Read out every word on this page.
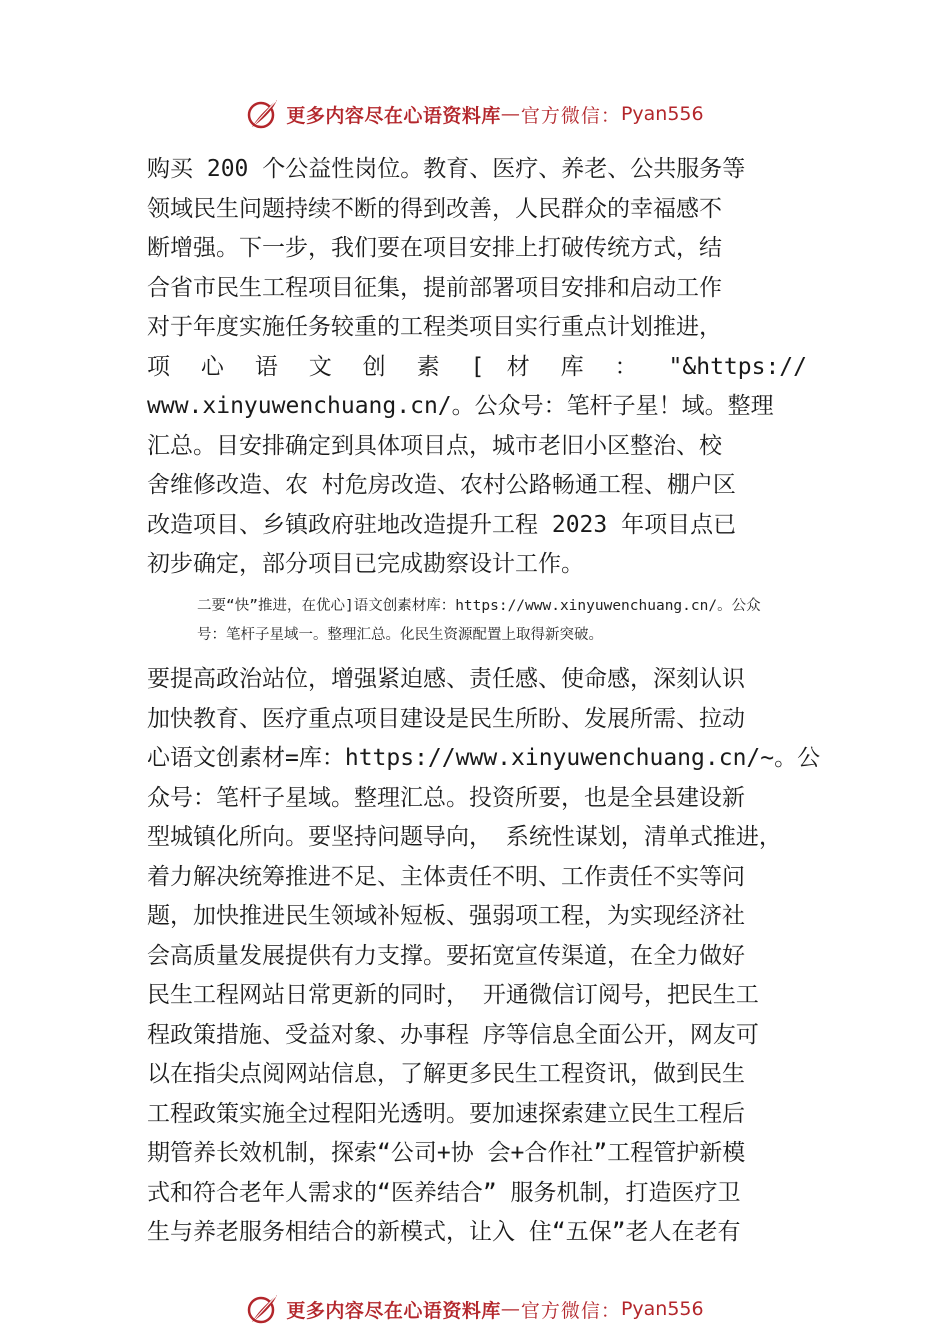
更多内容尽在心语资料库 — 官方微信： Pyan556
购买 200 个公益性岗位。教育、医疗、养老、公共服务等
领域民生问题持续不断的得到改善，人民群众的幸福感不
断增强。下一步，我们要在项目安排上打破传统方式，结
合省市民生工程项目征集，提前部署项目安排和启动工作
对于年度实施任务较重的工程类项目实行重点计划推进，
项 心 语 文 创 素 [ 材 库 ： "&https://
www.xinyuwenchuang.cn/。公众号：笔杆子星！域。整理
汇总。目安排确定到具体项目点，城市老旧小区整治、校
舍维修改造、农 村危房改造、农村公路畅通工程、棚户区
改造项目、乡镇政府驻地改造提升工程 2023 年项目点已
初步确定，部分项目已完成勘察设计工作。
二要“快”推进，在优心]语文创素材库：https://www.xinyuwenchuang.cn/。公众
号：笔杆子星域一。整理汇总。化民生资源配置上取得新突破。
要提高政治站位，增强紧迫感、责任感、使命感，深刻认识
加快教育、医疗重点项目建设是民生所盼、发展所需、拉动
心语文创素材=库：https://www.xinyuwenchuang.cn/~。公
众号：笔杆子星域。整理汇总。投资所要，也是全县建设新
型城镇化所向。要坚持问题导向， 系统性谋划，清单式推进，
着力解决统筹推进不足、主体责任不明、工作责任不实等问
题，加快推进民生领域补短板、强弱项工程，为实现经济社
会高质量发展提供有力支撑。要拓宽宣传渠道，在全力做好
民生工程网站日常更新的同时， 开通微信订阅号，把民生工
程政策措施、受益对象、办事程 序等信息全面公开，网友可
以在指尖点阅网站信息，了解更多民生工程资讯，做到民生
工程政策实施全过程阳光透明。要加速探索建立民生工程后
期管养长效机制，探索“公司+协 会+合作社”工程管护新模
式和符合老年人需求的“医养结合” 服务机制，打造医疗卫
生与养老服务相结合的新模式，让入 住“五保”老人在老有
更多内容尽在心语资料库 — 官方微信： Pyan556
